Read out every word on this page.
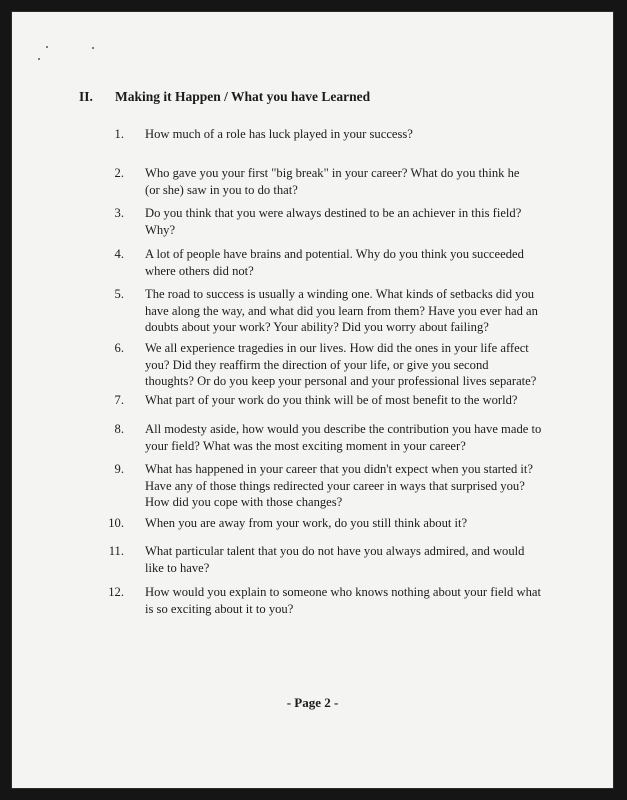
II. Making it Happen / What you have Learned
1. How much of a role has luck played in your success?
2. Who gave you your first "big break" in your career? What do you think he
(or she) saw in you to do that?
3. Do you think that you were always destined to be an achiever in this field?
Why?
4. A lot of people have brains and potential. Why do you think you succeeded
where others did not?
5. The road to success is usually a winding one. What kinds of setbacks did you
have along the way, and what did you learn from them? Have you ever had an
doubts about your work? Your ability? Did you worry about failing?
6. We all experience tragedies in our lives. How did the ones in your life affect
you? Did they reaffirm the direction of your life, or give you second
thoughts? Or do you keep your personal and your professional lives separate?
7. What part of your work do you think will be of most benefit to the world?
8. All modesty aside, how would you describe the contribution you have made to
your field? What was the most exciting moment in your career?
9. What has happened in your career that you didn't expect when you started it?
Have any of those things redirected your career in ways that surprised you?
How did you cope with those changes?
10. When you are away from your work, do you still think about it?
11. What particular talent that you do not have you always admired, and would
like to have?
12. How would you explain to someone who knows nothing about your field what
is so exciting about it to you?
- Page 2 -
